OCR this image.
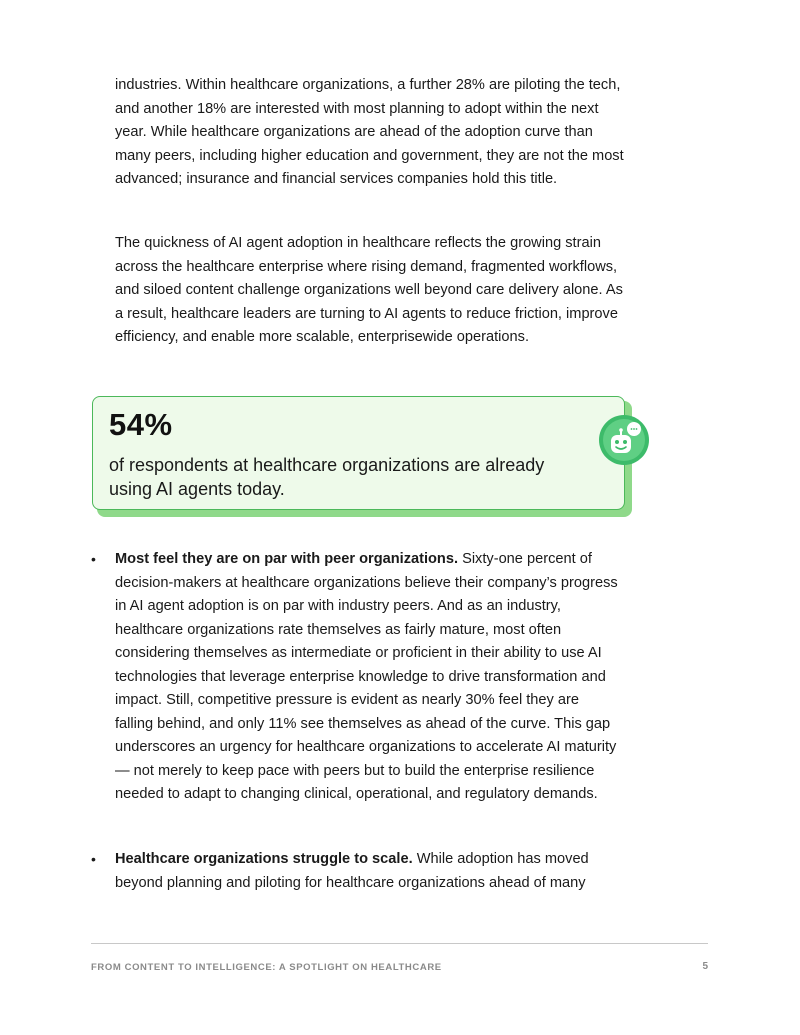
industries. Within healthcare organizations, a further 28% are piloting the tech, and another 18% are interested with most planning to adopt within the next year. While healthcare organizations are ahead of the adoption curve than many peers, including higher education and government, they are not the most advanced; insurance and financial services companies hold this title.

The quickness of AI agent adoption in healthcare reflects the growing strain across the healthcare enterprise where rising demand, fragmented workflows, and siloed content challenge organizations well beyond care delivery alone. As a result, healthcare leaders are turning to AI agents to reduce friction, improve efficiency, and enable more scalable, enterprisewide operations.

54%

of respondents at healthcare organizations are already using AI agents today.

• Most feel they are on par with peer organizations. Sixty-one percent of decision-makers at healthcare organizations believe their company’s progress in AI agent adoption is on par with industry peers. And as an industry, healthcare organizations rate themselves as fairly mature, most often considering themselves as intermediate or proficient in their ability to use AI technologies that leverage enterprise knowledge to drive transformation and impact. Still, competitive pressure is evident as nearly 30% feel they are falling behind, and only 11% see themselves as ahead of the curve. This gap underscores an urgency for healthcare organizations to accelerate AI maturity — not merely to keep pace with peers but to build the enterprise resilience needed to adapt to changing clinical, operational, and regulatory demands.

• Healthcare organizations struggle to scale. While adoption has moved beyond planning and piloting for healthcare organizations ahead of many

FROM CONTENT TO INTELLIGENCE: A SPOTLIGHT ON HEALTHCARE	5
